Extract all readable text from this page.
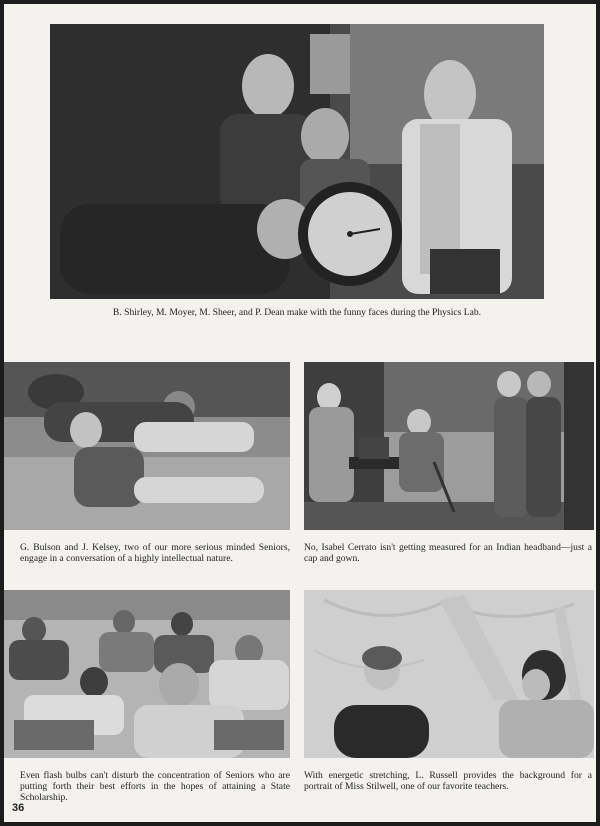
B. Shirley, M. Moyer, M. Sheer, and P. Dean make with the funny faces during the Physics Lab.
G. Bulson and J. Kelsey, two of our more serious minded Seniors, engage in a conversation of a highly intellectual nature.
No, Isabel Cerrato isn't getting measured for an Indian headband—just a cap and gown.
Even flash bulbs can't disturb the concentration of Seniors who are putting forth their best efforts in the hopes of attaining a State Scholarship.
With energetic stretching, L. Russell provides the background for a portrait of Miss Stilwell, one of our favorite teachers.
36
